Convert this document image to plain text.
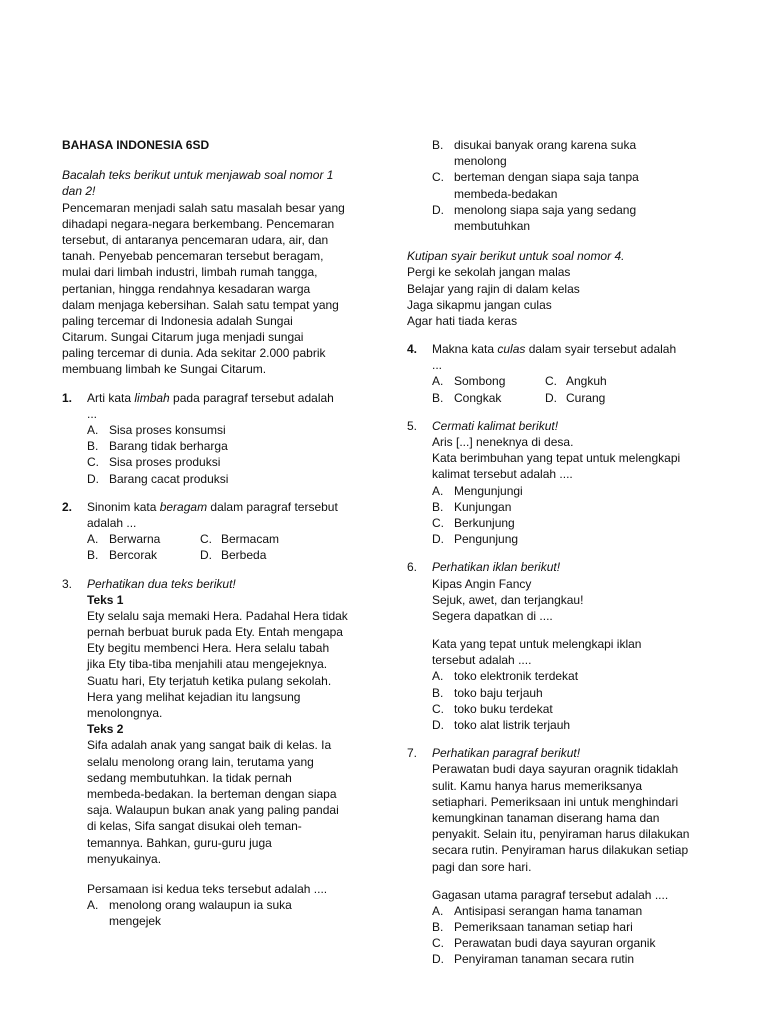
BAHASA INDONESIA 6SD
Bacalah teks berikut untuk menjawab soal nomor 1
dan 2!
Pencemaran menjadi salah satu masalah besar yang
dihadapi negara-negara berkembang. Pencemaran
tersebut, di antaranya pencemaran udara, air, dan
tanah. Penyebab pencemaran tersebut beragam,
mulai dari limbah industri, limbah rumah tangga,
pertanian, hingga rendahnya kesadaran warga
dalam menjaga kebersihan. Salah satu tempat yang
paling tercemar di Indonesia adalah Sungai
Citarum. Sungai Citarum juga menjadi sungai
paling tercemar di dunia. Ada sekitar 2.000 pabrik
membuang limbah ke Sungai Citarum.
1. Arti kata limbah pada paragraf tersebut adalah
...
A. Sisa proses konsumsi
B. Barang tidak berharga
C. Sisa proses produksi
D. Barang cacat produksi
2. Sinonim kata beragam dalam paragraf tersebut
adalah ...
A. Berwarna	C. Bermacam
B. Bercorak	D. Berbeda
3. Perhatikan dua teks berikut!
Teks 1
Ety selalu saja memaki Hera. Padahal Hera tidak
pernah berbuat buruk pada Ety. Entah mengapa
Ety begitu membenci Hera. Hera selalu tabah
jika Ety tiba-tiba menjahili atau mengejeknya.
Suatu hari, Ety terjatuh ketika pulang sekolah.
Hera yang melihat kejadian itu langsung
menolongnya.
Teks 2
Sifa adalah anak yang sangat baik di kelas. Ia
selalu menolong orang lain, terutama yang
sedang membutuhkan. Ia tidak pernah
membeda-bedakan. Ia berteman dengan siapa
saja. Walaupun bukan anak yang paling pandai
di kelas, Sifa sangat disukai oleh teman-
temannya. Bahkan, guru-guru juga
menyukainya.
Persamaan isi kedua teks tersebut adalah ....
A. menolong orang walaupun ia suka
mengejek
B. disukai banyak orang karena suka
menolong
C. berteman dengan siapa saja tanpa
membeda-bedakan
D. menolong siapa saja yang sedang
membutuhkan
Kutipan syair berikut untuk soal nomor 4.
Pergi ke sekolah jangan malas
Belajar yang rajin di dalam kelas
Jaga sikapmu jangan culas
Agar hati tiada keras
4. Makna kata culas dalam syair tersebut adalah
...
A. Sombong	C. Angkuh
B. Congkak	D. Curang
5. Cermati kalimat berikut!
Aris [...] neneknya di desa.
Kata berimbuhan yang tepat untuk melengkapi
kalimat tersebut adalah ....
A. Mengunjungi
B. Kunjungan
C. Berkunjung
D. Pengunjung
6. Perhatikan iklan berikut!
Kipas Angin Fancy
Sejuk, awet, dan terjangkau!
Segera dapatkan di ....
Kata yang tepat untuk melengkapi iklan
tersebut adalah ....
A. toko elektronik terdekat
B. toko baju terjauh
C. toko buku terdekat
D. toko alat listrik terjauh
7. Perhatikan paragraf berikut!
Perawatan budi daya sayuran oragnik tidaklah
sulit. Kamu hanya harus memeriksanya
setiaphari. Pemeriksaan ini untuk menghindari
kemungkinan tanaman diserang hama dan
penyakit. Selain itu, penyiraman harus dilakukan
secara rutin. Penyiraman harus dilakukan setiap
pagi dan sore hari.
Gagasan utama paragraf tersebut adalah ....
A. Antisipasi serangan hama tanaman
B. Pemeriksaan tanaman setiap hari
C. Perawatan budi daya sayuran organik
D. Penyiraman tanaman secara rutin
